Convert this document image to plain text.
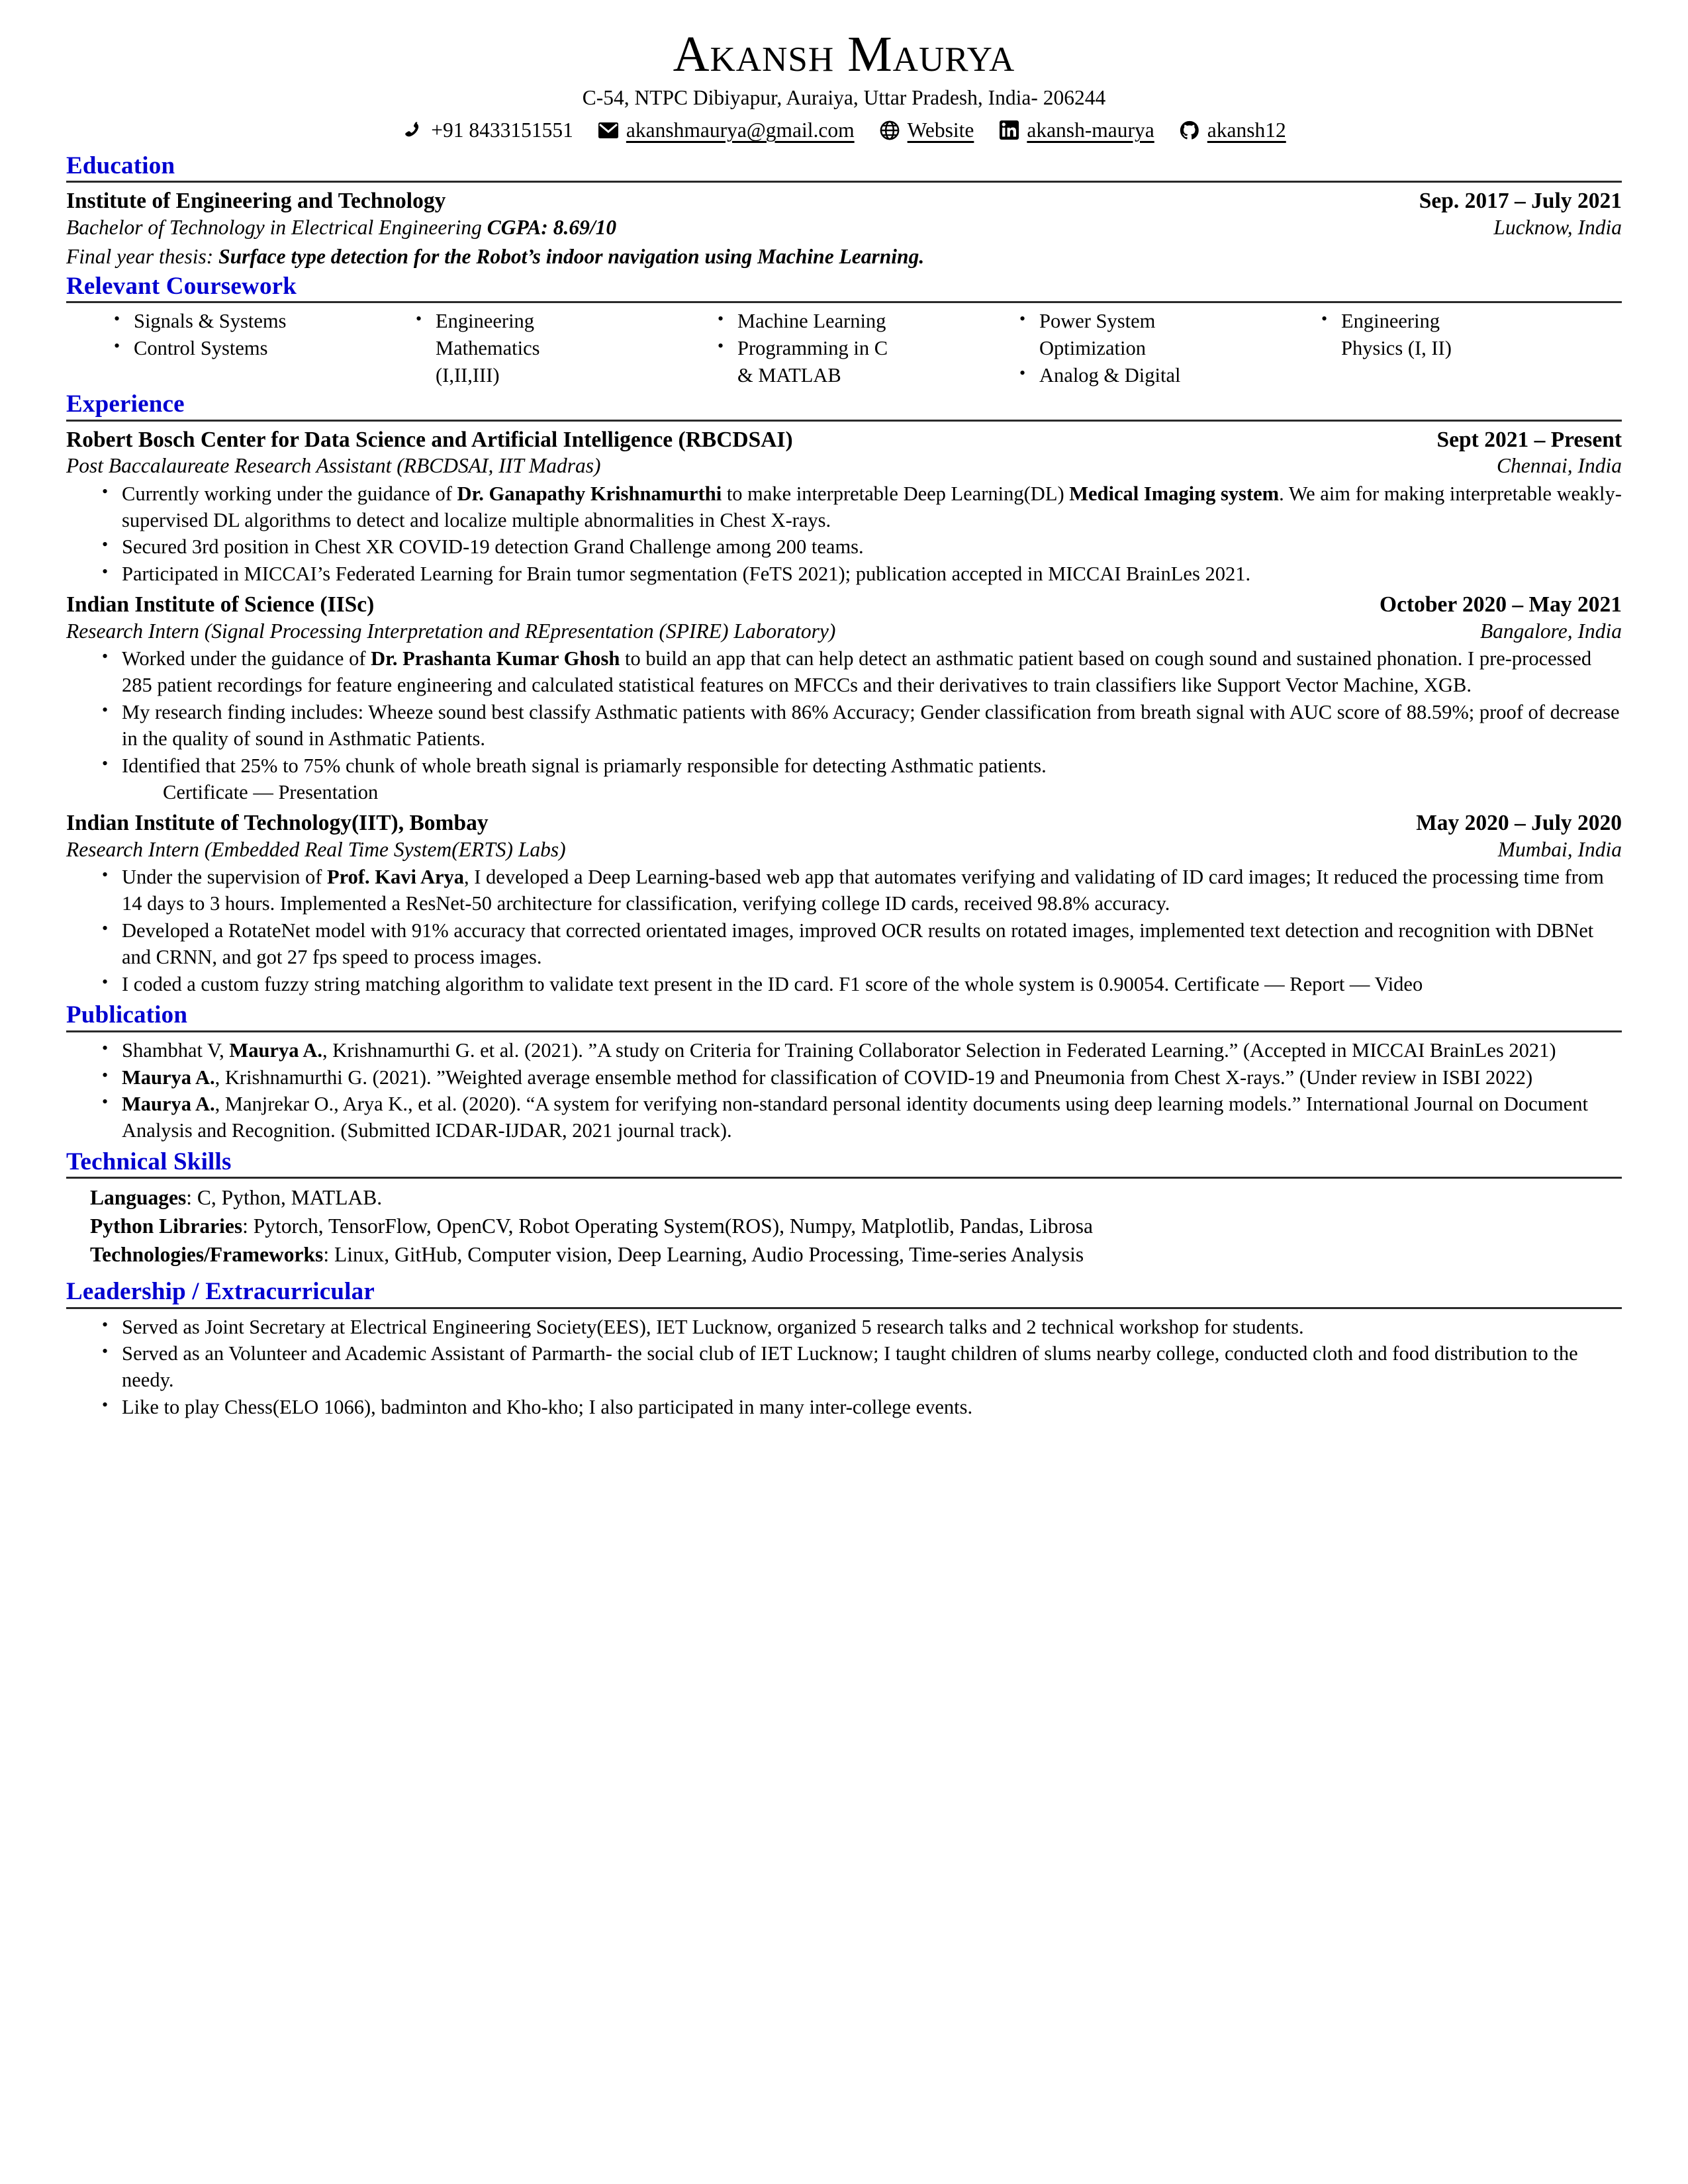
Akansh Maurya
C-54, NTPC Dibiyapur, Auraiya, Uttar Pradesh, India- 206244
+91 8433151551	akanshmaurya@gmail.com	Website	akansh-maurya	akansh12
Education
Institute of Engineering and Technology	Sep. 2017 – July 2021
Bachelor of Technology in Electrical Engineering CGPA: 8.69/10	Lucknow, India
Final year thesis: Surface type detection for the Robot’s indoor navigation using Machine Learning.
Relevant Coursework
• Signals & Systems
• Control Systems
• Engineering
Mathematics
(I,II,III)
• Machine Learning
• Programming in C
& MATLAB
• Power System
Optimization
• Analog & Digital
• Engineering
Physics (I, II)
Experience
Robert Bosch Center for Data Science and Artificial Intelligence (RBCDSAI)	Sept 2021 – Present
Post Baccalaureate Research Assistant (RBCDSAI, IIT Madras)	Chennai, India
• Currently working under the guidance of Dr. Ganapathy Krishnamurthi to make interpretable Deep Learning(DL) Medical Imaging system. We aim for making interpretable weakly-supervised DL algorithms to detect and localize multiple abnormalities in Chest X-rays.
• Secured 3rd position in Chest XR COVID-19 detection Grand Challenge among 200 teams.
• Participated in MICCAI’s Federated Learning for Brain tumor segmentation (FeTS 2021); publication accepted in MICCAI BrainLes 2021.
Indian Institute of Science (IISc)	October 2020 – May 2021
Research Intern (Signal Processing Interpretation and REpresentation (SPIRE) Laboratory)	Bangalore, India
• Worked under the guidance of Dr. Prashanta Kumar Ghosh to build an app that can help detect an asthmatic patient based on cough sound and sustained phonation. I pre-processed 285 patient recordings for feature engineering and calculated statistical features on MFCCs and their derivatives to train classifiers like Support Vector Machine, XGB.
• My research finding includes: Wheeze sound best classify Asthmatic patients with 86% Accuracy; Gender classification from breath signal with AUC score of 88.59%; proof of decrease in the quality of sound in Asthmatic Patients.
• Identified that 25% to 75% chunk of whole breath signal is priamarly responsible for detecting Asthmatic patients.
Certificate — Presentation
Indian Institute of Technology(IIT), Bombay	May 2020 – July 2020
Research Intern (Embedded Real Time System(ERTS) Labs)	Mumbai, India
• Under the supervision of Prof. Kavi Arya, I developed a Deep Learning-based web app that automates verifying and validating of ID card images; It reduced the processing time from 14 days to 3 hours. Implemented a ResNet-50 architecture for classification, verifying college ID cards, received 98.8% accuracy.
• Developed a RotateNet model with 91% accuracy that corrected orientated images, improved OCR results on rotated images, implemented text detection and recognition with DBNet and CRNN, and got 27 fps speed to process images.
• I coded a custom fuzzy string matching algorithm to validate text present in the ID card. F1 score of the whole system is 0.90054. Certificate — Report — Video
Publication
• Shambhat V, Maurya A., Krishnamurthi G. et al. (2021). ”A study on Criteria for Training Collaborator Selection in Federated Learning.” (Accepted in MICCAI BrainLes 2021)
• Maurya A., Krishnamurthi G. (2021). ”Weighted average ensemble method for classification of COVID-19 and Pneumonia from Chest X-rays.” (Under review in ISBI 2022)
• Maurya A., Manjrekar O., Arya K., et al. (2020). “A system for verifying non-standard personal identity documents using deep learning models.” International Journal on Document Analysis and Recognition. (Submitted ICDAR-IJDAR, 2021 journal track).
Technical Skills
Languages: C, Python, MATLAB.
Python Libraries: Pytorch, TensorFlow, OpenCV, Robot Operating System(ROS), Numpy, Matplotlib, Pandas, Librosa
Technologies/Frameworks: Linux, GitHub, Computer vision, Deep Learning, Audio Processing, Time-series Analysis
Leadership / Extracurricular
• Served as Joint Secretary at Electrical Engineering Society(EES), IET Lucknow, organized 5 research talks and 2 technical workshop for students.
• Served as an Volunteer and Academic Assistant of Parmarth- the social club of IET Lucknow; I taught children of slums nearby college, conducted cloth and food distribution to the needy.
• Like to play Chess(ELO 1066), badminton and Kho-kho; I also participated in many inter-college events.
